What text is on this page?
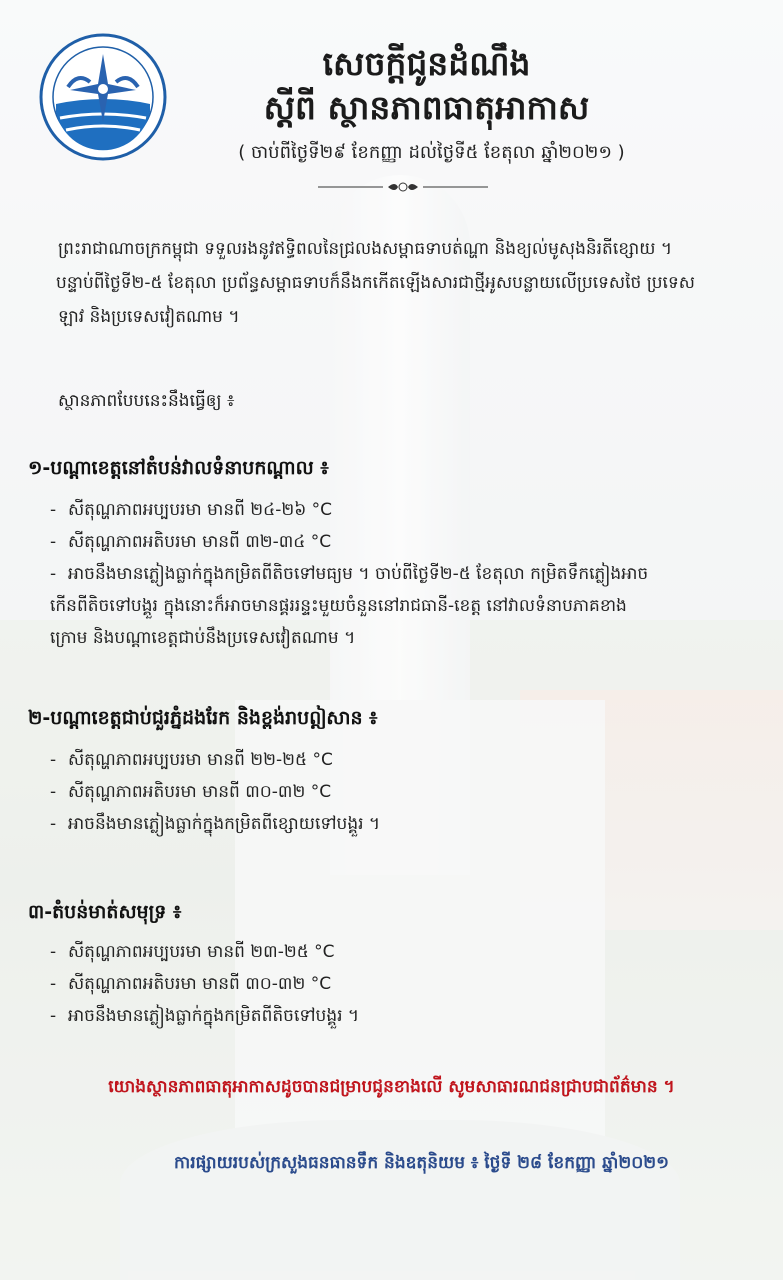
សេចក្តីជូនដំណឹង
ស្តីពី ស្ថានភាពធាតុអាកាស
( ចាប់ពីថ្ងៃទី២៩ ខែកញ្ញា ដល់ថ្ងៃទី៥ ខែតុលា ឆ្នាំ២០២១ )
ព្រះរាជាណាចក្រកម្ពុជា ទទួលរងនូវឥទ្ធិពលនៃជ្រលងសម្ពាធទាបត់ណ្ហា និងខ្យល់មូសុងនិរតីខ្សោយ ។
បន្ទាប់ពីថ្ងៃទី២-៥ ខែតុលា ប្រព័ន្ធសម្ពាធទាបក៏នឹងកកើតឡើងសារជាថ្មីអូសបន្លាយលើប្រទេសថៃ ប្រទេស
ឡាវ និងប្រទេសវៀតណាម ។
ស្ថានភាពបែបនេះនឹងធ្វើឲ្យ ៖
១-បណ្តាខេត្តនៅតំបន់វាលទំនាបកណ្តាល ៖
- សីតុណ្ហភាពអប្បបរមា មានពី ២៤-២៦ °C
- សីតុណ្ហភាពអតិបរមា មានពី ៣២-៣៤ °C
- អាចនឹងមានភ្លៀងធ្លាក់ក្នុងកម្រិតពីតិចទៅមធ្យម ។ ចាប់ពីថ្ងៃទី២-៥ ខែតុលា កម្រិតទឹកភ្លៀងអាច
កើនពីតិចទៅបង្គួរ ក្នុងនោះក៏អាចមានផ្គររន្ទះមួយចំនួននៅរាជធានី-ខេត្ត នៅវាលទំនាបភាគខាង
ក្រោម និងបណ្តាខេត្តជាប់នឹងប្រទេសវៀតណាម ។
២-បណ្តាខេត្តជាប់ជួរភ្នំដងរែក និងខ្ពង់រាបឦសាន ៖
- សីតុណ្ហភាពអប្បបរមា មានពី ២២-២៥ °C
- សីតុណ្ហភាពអតិបរមា មានពី ៣០-៣២ °C
- អាចនឹងមានភ្លៀងធ្លាក់ក្នុងកម្រិតពីខ្សោយទៅបង្គួរ ។
៣-តំបន់មាត់សមុទ្រ ៖
- សីតុណ្ហភាពអប្បបរមា មានពី ២៣-២៥ °C
- សីតុណ្ហភាពអតិបរមា មានពី ៣០-៣២ °C
- អាចនឹងមានភ្លៀងធ្លាក់ក្នុងកម្រិតពីតិចទៅបង្គួរ ។
យោងស្ថានភាពធាតុអាកាសដូចបានជម្រាបជូនខាងលើ សូមសាធារណជនជ្រាបជាព័ត៌មាន ។
ការផ្សាយរបស់ក្រសួងធនធានទឹក និងឧតុនិយម ៖ ថ្ងៃទី ២៨ ខែកញ្ញា ឆ្នាំ២០២១
